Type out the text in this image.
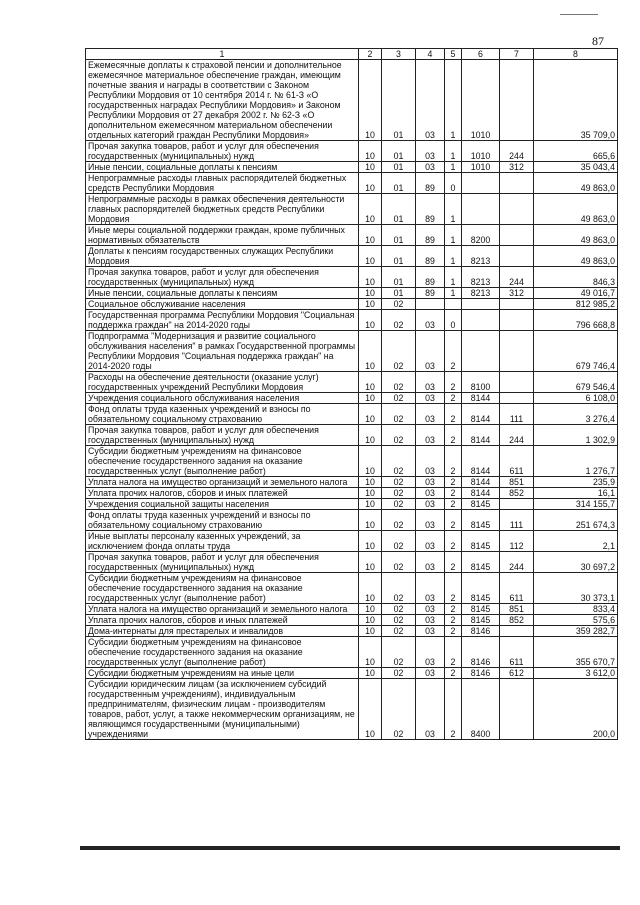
87
1	2	3	4	5	6	7	8
Ежемесячные доплаты к страховой пенсии и дополнительное ежемесячное материальное обеспечение граждан, имеющим почетные звания и награды в соответствии с Законом Республики Мордовия от 10 сентября 2014 г. № 61-З «О государственных наградах Республики Мордовия» и Законом Республики Мордовия от 27 декабря 2002 г. № 62-З «О дополнительном ежемесячном материальном обеспечении отдельных категорий граждан Республики Мордовия»	10	01	03	1	1010		35 709,0
Прочая закупка товаров, работ и услуг для обеспечения государственных (муниципальных) нужд	10	01	03	1	1010	244	665,6
Иные пенсии, социальные доплаты к пенсиям	10	01	03	1	1010	312	35 043,4
Непрограммные расходы главных распорядителей бюджетных средств Республики Мордовия	10	01	89	0			49 863,0
Непрограммные расходы в рамках обеспечения деятельности главных распорядителей бюджетных средств Республики Мордовия	10	01	89	1			49 863,0
Иные меры социальной поддержки граждан, кроме публичных нормативных обязательств	10	01	89	1	8200		49 863,0
Доплаты к пенсиям государственных служащих Республики Мордовия	10	01	89	1	8213		49 863,0
Прочая закупка товаров, работ и услуг для обеспечения государственных (муниципальных) нужд	10	01	89	1	8213	244	846,3
Иные пенсии, социальные доплаты к пенсиям	10	01	89	1	8213	312	49 016,7
Социальное обслуживание населения	10	02					812 985,2
Государственная программа Республики Мордовия "Социальная поддержка граждан" на 2014-2020 годы	10	02	03	0			796 668,8
Подпрограмма "Модернизация и развитие социального обслуживания населения" в рамках Государственной программы Республики Мордовия "Социальная поддержка граждан" на 2014-2020 годы	10	02	03	2			679 746,4
Расходы на обеспечение деятельности (оказание услуг) государственных учреждений Республики Мордовия	10	02	03	2	8100		679 546,4
Учреждения социального обслуживания населения	10	02	03	2	8144		6 108,0
Фонд оплаты труда казенных учреждений и взносы по обязательному социальному страхованию	10	02	03	2	8144	111	3 276,4
Прочая закупка товаров, работ и услуг для обеспечения государственных (муниципальных) нужд	10	02	03	2	8144	244	1 302,9
Субсидии бюджетным учреждениям на финансовое обеспечение государственного задания на оказание государственных услуг (выполнение работ)	10	02	03	2	8144	611	1 276,7
Уплата налога на имущество организаций и земельного налога	10	02	03	2	8144	851	235,9
Уплата прочих налогов, сборов и иных платежей	10	02	03	2	8144	852	16,1
Учреждения социальной защиты населения	10	02	03	2	8145		314 155,7
Фонд оплаты труда казенных учреждений и взносы по обязательному социальному страхованию	10	02	03	2	8145	111	251 674,3
Иные выплаты персоналу казенных учреждений, за исключением фонда оплаты труда	10	02	03	2	8145	112	2,1
Прочая закупка товаров, работ и услуг для обеспечения государственных (муниципальных) нужд	10	02	03	2	8145	244	30 697,2
Субсидии бюджетным учреждениям на финансовое обеспечение государственного задания на оказание государственных услуг (выполнение работ)	10	02	03	2	8145	611	30 373,1
Уплата налога на имущество организаций и земельного налога	10	02	03	2	8145	851	833,4
Уплата прочих налогов, сборов и иных платежей	10	02	03	2	8145	852	575,6
Дома-интернаты для престарелых и инвалидов	10	02	03	2	8146		359 282,7
Субсидии бюджетным учреждениям на финансовое обеспечение государственного задания на оказание государственных услуг (выполнение работ)	10	02	03	2	8146	611	355 670,7
Субсидии бюджетным учреждениям на иные цели	10	02	03	2	8146	612	3 612,0
Субсидии юридическим лицам (за исключением субсидий государственным учреждениям), индивидуальным предпринимателям, физическим лицам - производителям товаров, работ, услуг, а также некоммерческим организациям, не являющимся государственными (муниципальными) учреждениями	10	02	03	2	8400		200,0
